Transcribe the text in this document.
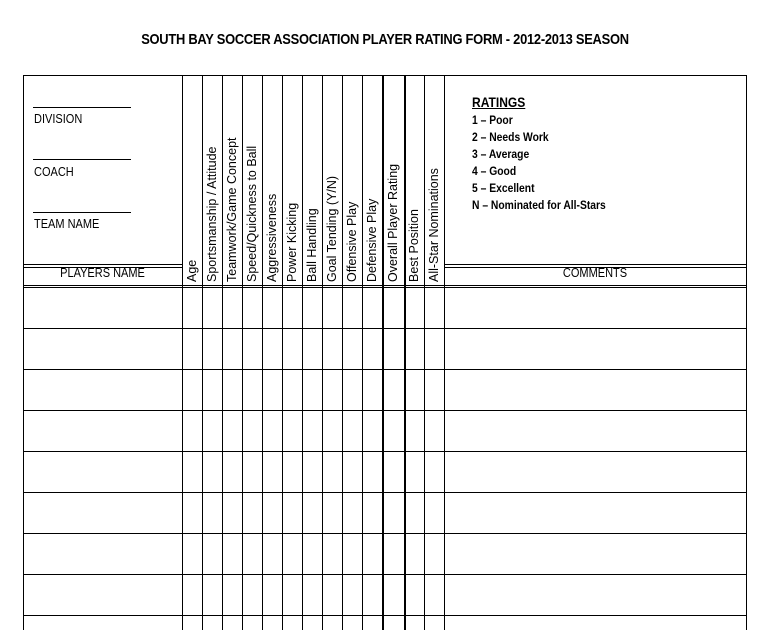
SOUTH BAY SOCCER ASSOCIATION PLAYER RATING FORM - 2012-2013 SEASON
Age Sportsmanship / Attitude Teamwork/Game Concept Speed/Quickness to Ball Aggressiveness Power Kicking Ball Handling Goal Tending (Y/N) Offensive Play Defensive Play Overall Player Rating Best Position All-Star Nominations
DIVISION
COACH
TEAM NAME
RATINGS
1 – Poor
2 – Needs Work
3 – Average
4 – Good
5 – Excellent
N – Nominated for All-Stars
PLAYERS NAME	COMMENTS
